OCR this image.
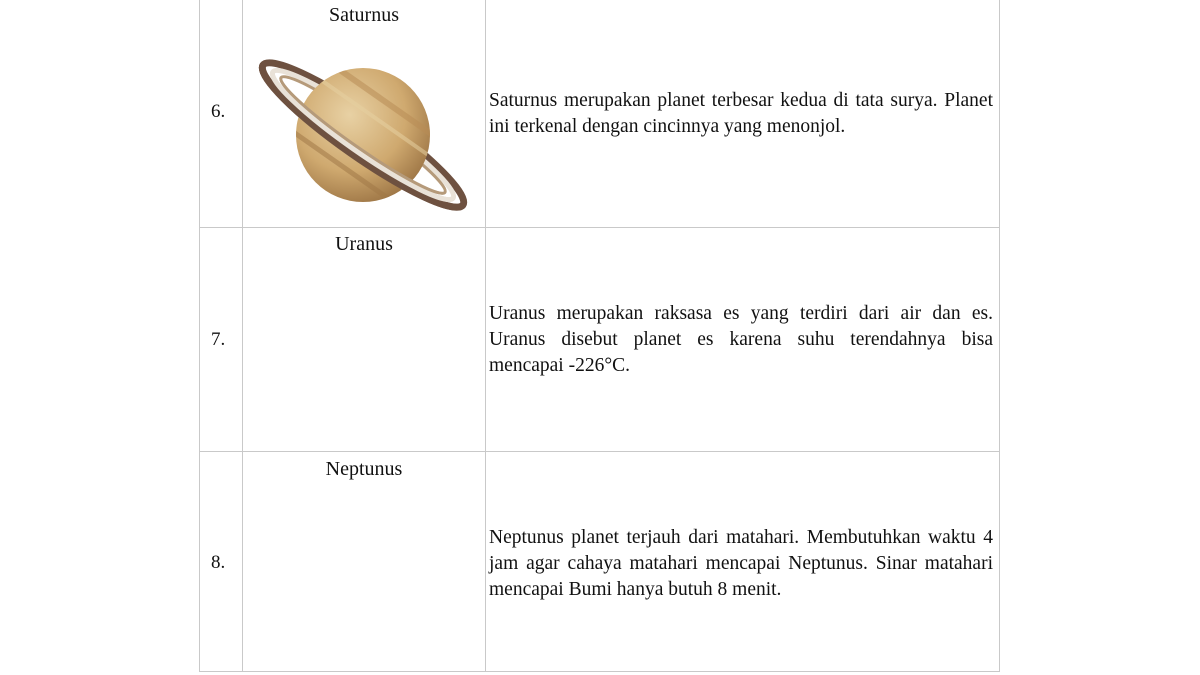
6.
Saturnus
Saturnus merupakan planet terbesar kedua di tata surya. Planet ini terkenal dengan cincinnya yang menonjol.
7.
Uranus
Uranus merupakan raksasa es yang terdiri dari air dan es. Uranus disebut planet es karena suhu terendahnya bisa mencapai -226°C.
8.
Neptunus
Neptunus planet terjauh dari matahari. Membutuhkan waktu 4 jam agar cahaya matahari mencapai Neptunus. Sinar matahari mencapai Bumi hanya butuh 8 menit.
